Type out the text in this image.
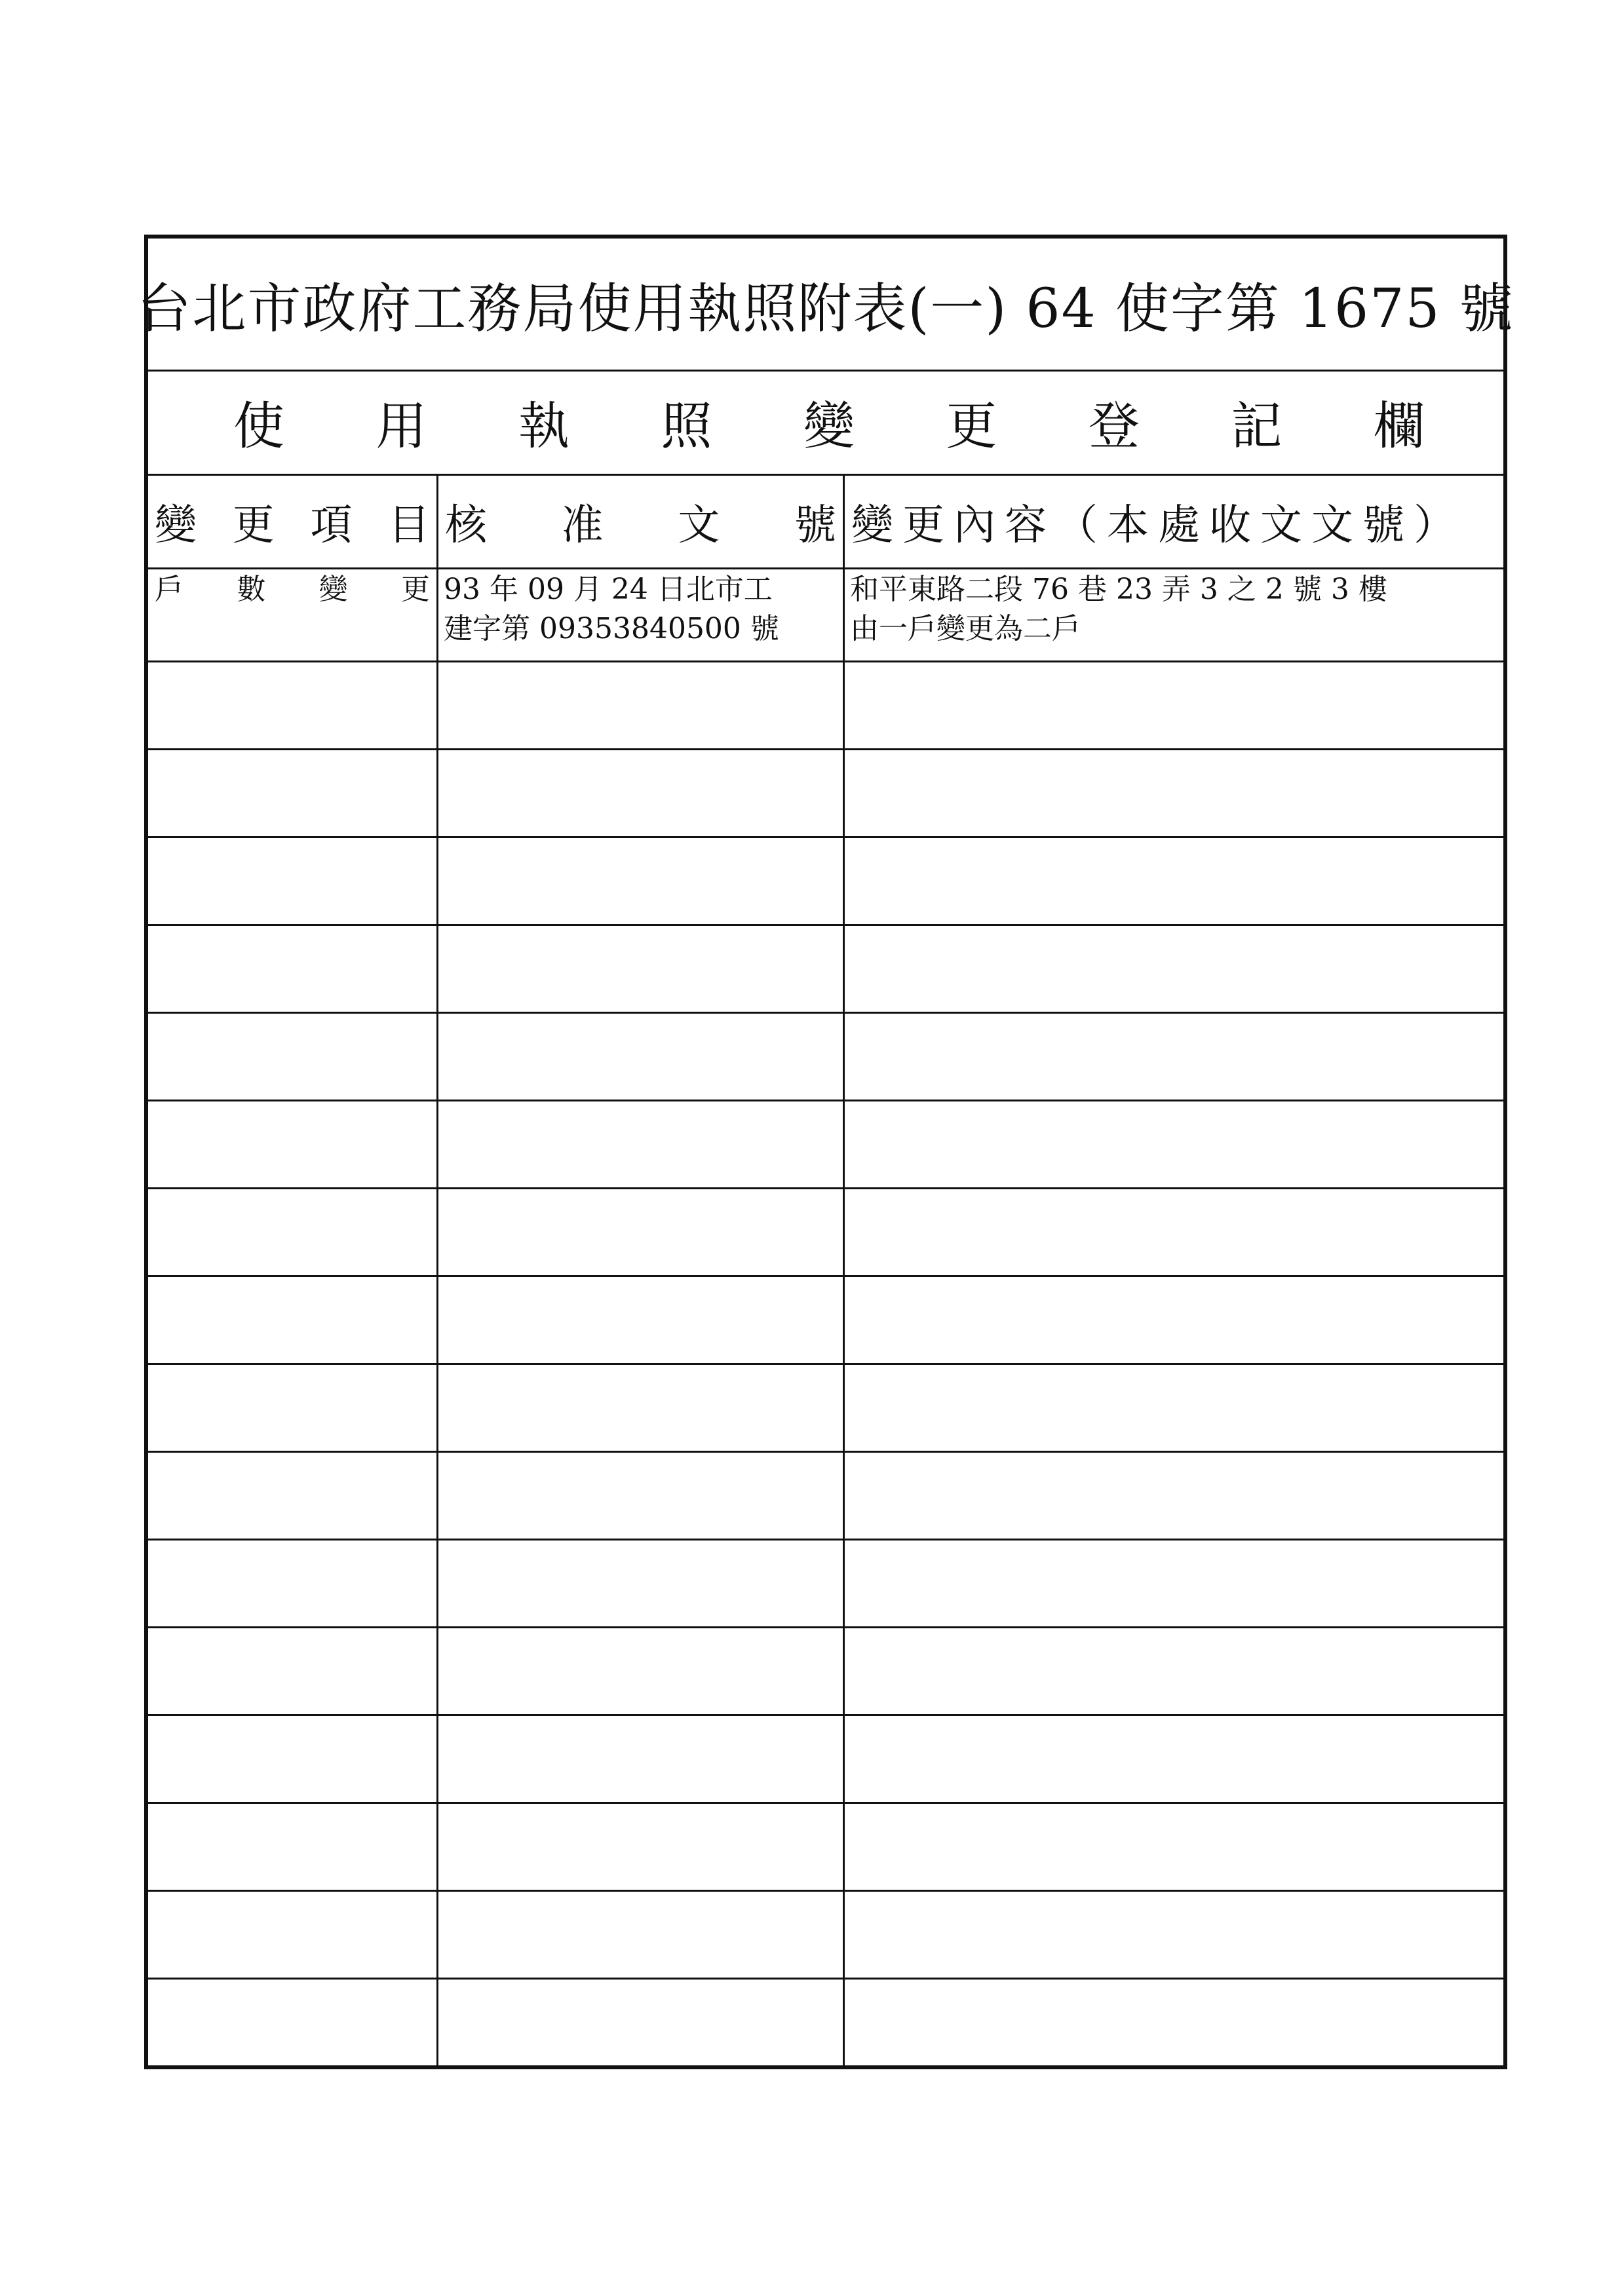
台北市政府工務局使用執照附表(一) 64 使字第 1675 號
使 用 執 照 變 更 登 記 欄
變 更 項 目 核 准 文 號 變更內容（本處收文文號）
戶 數 變 更 93 年 09 月 24 日北市工
建字第 09353840500 號
和平東路二段 76 巷 23 弄 3 之 2 號 3 樓
由一戶變更為二戶
